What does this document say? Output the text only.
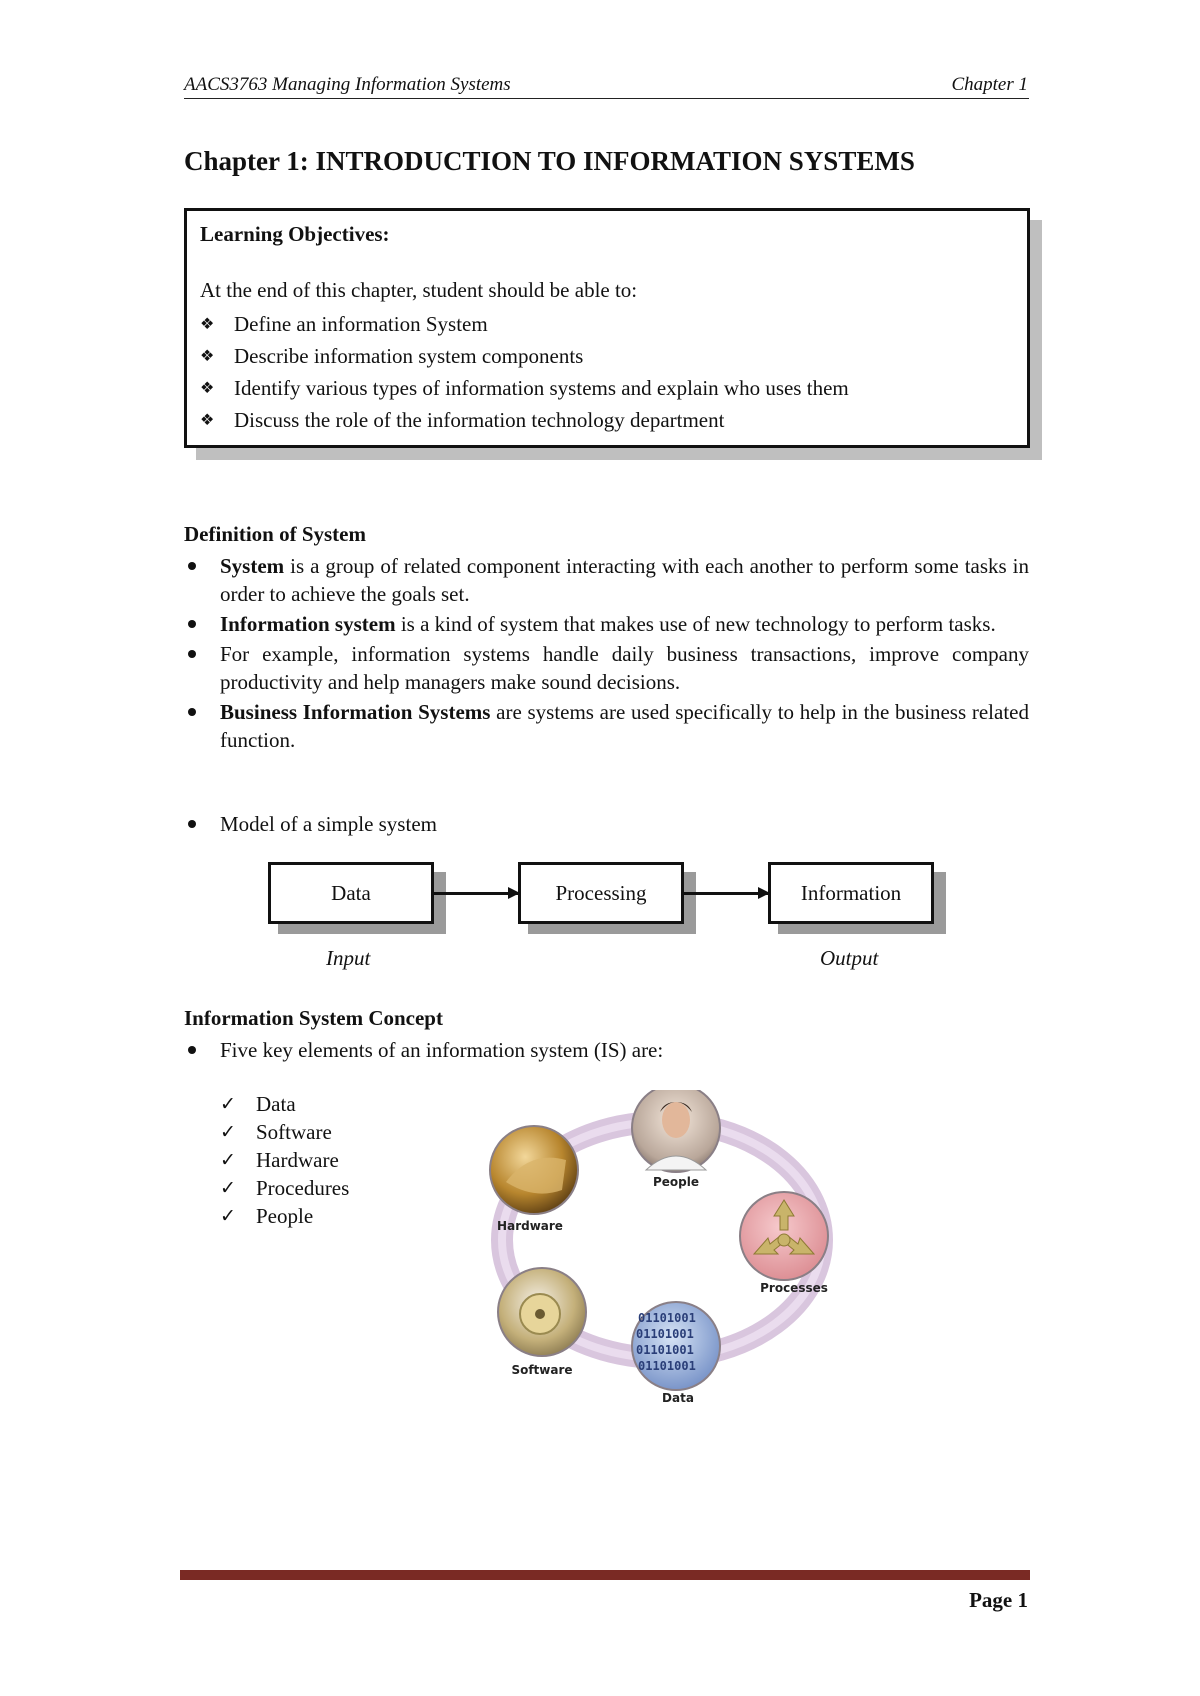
AACS3763 Managing Information Systems	Chapter 1
Chapter 1: INTRODUCTION TO INFORMATION SYSTEMS
Learning Objectives:
At the end of this chapter, student should be able to:
❖ Define an information System
❖ Describe information system components
❖ Identify various types of information systems and explain who uses them
❖ Discuss the role of the information technology department
Definition of System
System is a group of related component interacting with each another to perform some tasks in order to achieve the goals set.
Information system is a kind of system that makes use of new technology to perform tasks.
For example, information systems handle daily business transactions, improve company productivity and help managers make sound decisions.
Business Information Systems are systems are used specifically to help in the business related function.
Model of a simple system
Data	Processing	Information
Input	Output
Information System Concept
Five key elements of an information system (IS) are:
✓ Data
✓ Software
✓ Hardware
✓ Procedures
✓ People
People
Hardware
Processes
Software
01101001
01101001
01101001
01101001
Data
Page 1
